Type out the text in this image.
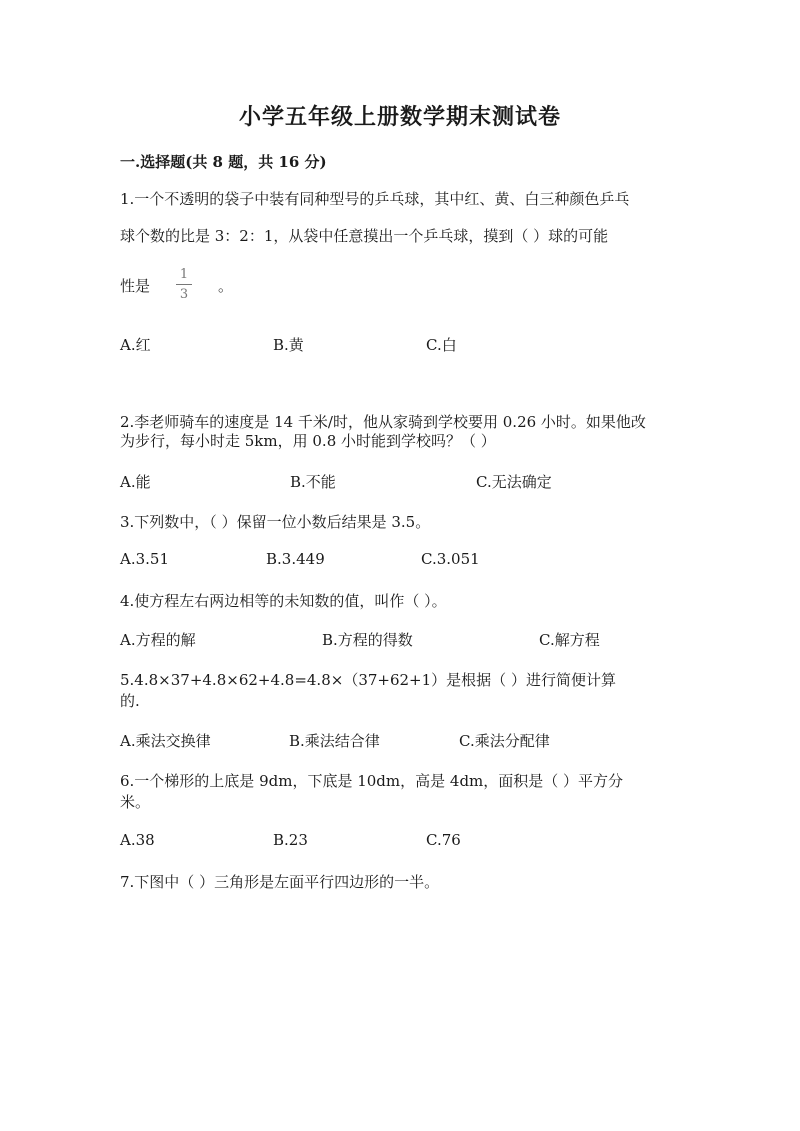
小学五年级上册数学期末测试卷
一.选择题(共 8 题，共 16 分)
1.一个不透明的袋子中装有同种型号的乒乓球，其中红、黄、白三种颜色乒乓
球个数的比是 3：2：1，从袋中任意摸出一个乒乓球，摸到（ ）球的可能
性是
1
3 。
A.红	B.黄	C.白
2.李老师骑车的速度是 14 千米/时，他从家骑到学校要用 0.26 小时。如果他改
为步行，每小时走 5km，用 0.8 小时能到学校吗？（ ）
A.能	B.不能	C.无法确定
3.下列数中，（ ）保留一位小数后结果是 3.5。
A.3.51	B.3.449	C.3.051
4.使方程左右两边相等的未知数的值，叫作（ ）。
A.方程的解	B.方程的得数	C.解方程
5.4.8×37+4.8×62+4.8=4.8×（37+62+1）是根据（ ）进行简便计算
的.
A.乘法交换律	B.乘法结合律	C.乘法分配律
6.一个梯形的上底是 9dm，下底是 10dm，高是 4dm，面积是（ ）平方分
米。
A.38	B.23	C.76
7.下图中（ ）三角形是左面平行四边形的一半。
